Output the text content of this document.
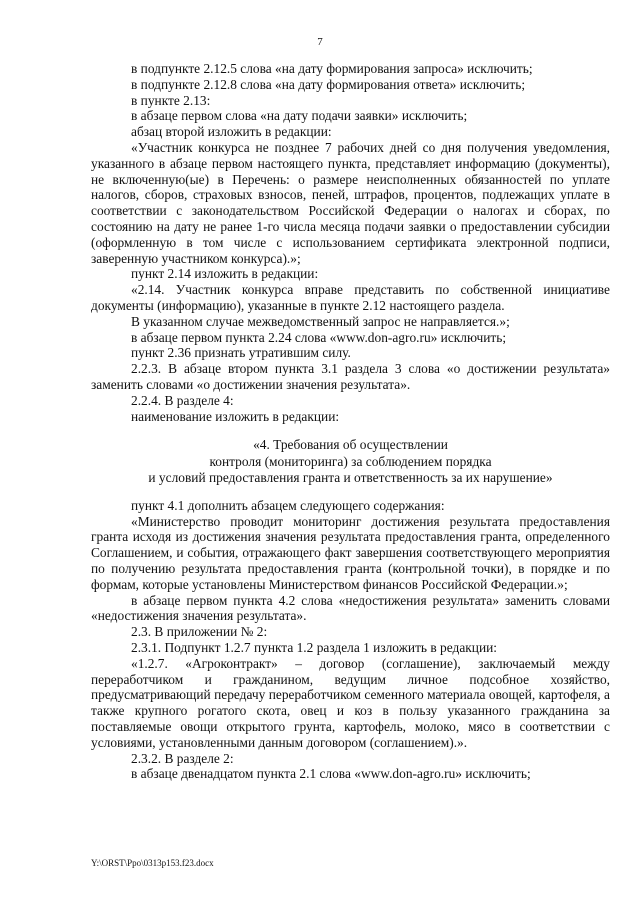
7

в подпункте 2.12.5 слова «на дату формирования запроса» исключить;

в подпункте 2.12.8 слова «на дату формирования ответа» исключить;

в пункте 2.13:

в абзаце первом слова «на дату подачи заявки» исключить;

абзац второй изложить в редакции:

«Участник конкурса не позднее 7 рабочих дней со дня получения уведомления, указанного в абзаце первом настоящего пункта, представляет информацию (документы), не включенную(ые) в Перечень: о размере неисполненных обязанностей по уплате налогов, сборов, страховых взносов, пеней, штрафов, процентов, подлежащих уплате в соответствии с законодательством Российской Федерации о налогах и сборах, по состоянию на дату не ранее 1-го числа месяца подачи заявки о предоставлении субсидии (оформленную в том числе с использованием сертификата электронной подписи, заверенную участником конкурса).»;

пункт 2.14 изложить в редакции:

«2.14. Участник конкурса вправе представить по собственной инициативе документы (информацию), указанные в пункте 2.12 настоящего раздела.

В указанном случае межведомственный запрос не направляется.»;

в абзаце первом пункта 2.24 слова «www.don-agro.ru» исключить;

пункт 2.36 признать утратившим силу.

2.2.3. В абзаце втором пункта 3.1 раздела 3 слова «о достижении результата» заменить словами «о достижении значения результата».

2.2.4. В разделе 4:

наименование изложить в редакции:

«4. Требования об осуществлении
контроля (мониторинга) за соблюдением порядка
и условий предоставления гранта и ответственность за их нарушение»

пункт 4.1 дополнить абзацем следующего содержания:

«Министерство проводит мониторинг достижения результата предоставления гранта исходя из достижения значения результата предоставления гранта, определенного Соглашением, и события, отражающего факт завершения соответствующего мероприятия по получению результата предоставления гранта (контрольной точки), в порядке и по формам, которые установлены Министерством финансов Российской Федерации.»;

в абзаце первом пункта 4.2 слова «недостижения результата» заменить словами «недостижения значения результата».

2.3. В приложении № 2:

2.3.1. Подпункт 1.2.7 пункта 1.2 раздела 1 изложить в редакции:

«1.2.7. «Агроконтракт» – договор (соглашение), заключаемый между переработчиком и гражданином, ведущим личное подсобное хозяйство, предусматривающий передачу переработчиком семенного материала овощей, картофеля, а также крупного рогатого скота, овец и коз в пользу указанного гражданина за поставляемые овощи открытого грунта, картофель, молоко, мясо в соответствии с условиями, установленными данным договором (соглашением).».

2.3.2. В разделе 2:

в абзаце двенадцатом пункта 2.1 слова «www.don-agro.ru» исключить;

Y:\ORST\Ppo\0313p153.f23.docx
